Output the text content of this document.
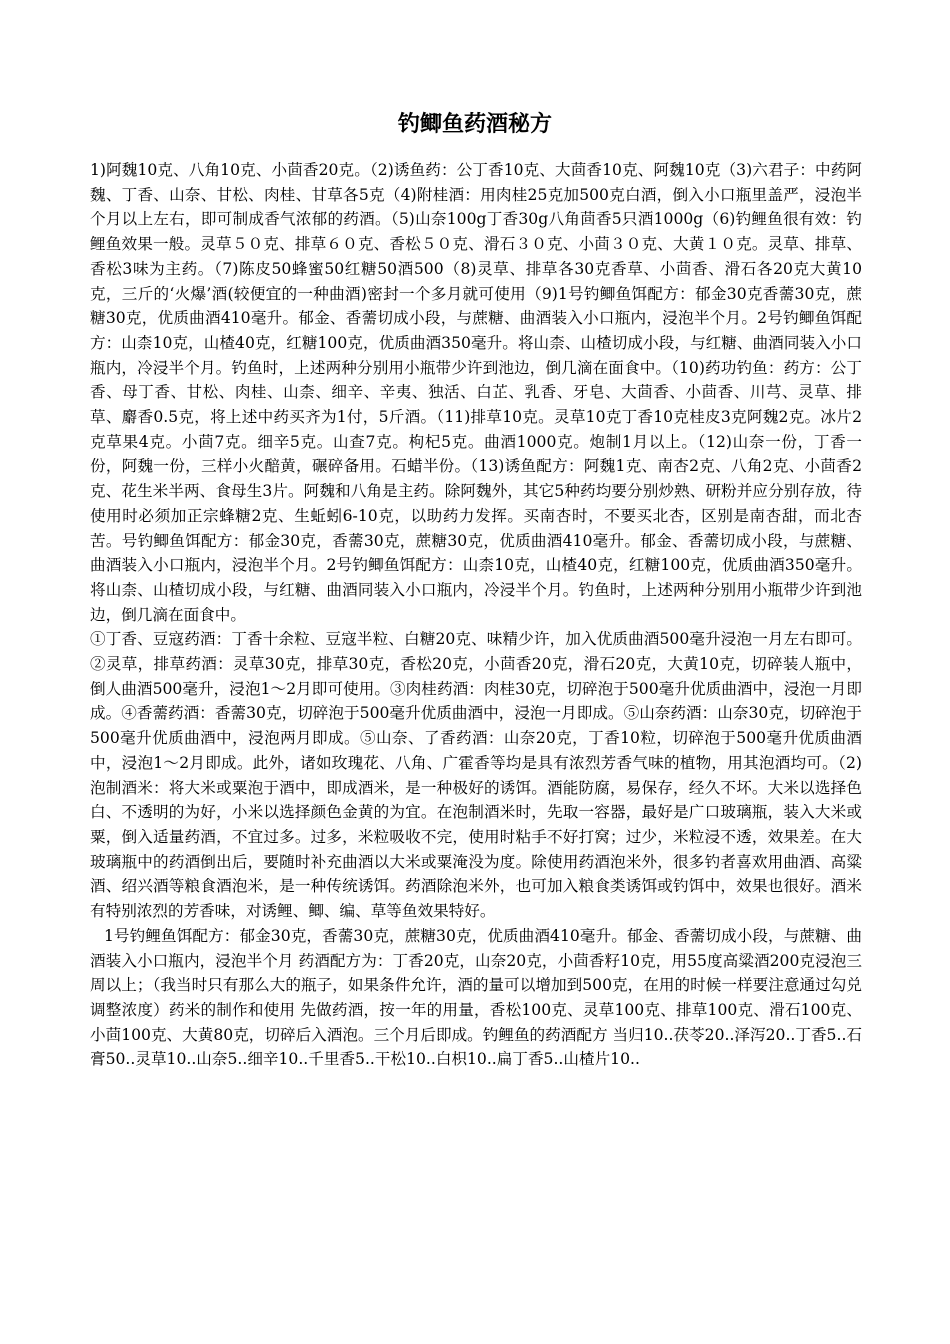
钓鲫鱼药酒秘方

1)阿魏10克、八角10克、小茴香20克。（2)诱鱼药：公丁香10克、大茴香10克、阿魏10克（3)六君子：中药阿魏、丁香、山奈、甘松、肉桂、甘草各5克（4)附桂酒：用肉桂25克加500克白酒，倒入小口瓶里盖严，浸泡半个月以上左右，即可制成香气浓郁的药酒。（5)山奈100g丁香30g八角茴香5只酒1000g（6)钓鲤鱼很有效：钓鲤鱼效果一般。灵草５０克、排草６０克、香松５０克、滑石３０克、小茴３０克、大黄１０克。灵草、排草、香松3味为主药。（7)陈皮50蜂蜜50红糖50酒500（8)灵草、排草各30克香草、小茴香、滑石各20克大黄10克，三斤的‘火爆’酒(较便宜的一种曲酒)密封一个多月就可使用（9)1号钓鲫鱼饵配方：郁金30克香薷30克，蔗糖30克，优质曲酒410毫升。郁金、香薷切成小段，与蔗糖、曲酒装入小口瓶内，浸泡半个月。2号钓鲫鱼饵配方：山柰10克，山楂40克，红糖100克，优质曲酒350毫升。将山柰、山楂切成小段，与红糖、曲酒同装入小口瓶内，冷浸半个月。钓鱼时，上述两种分别用小瓶带少许到池边，倒几滴在面食中。（10)药功钓鱼：药方：公丁香、母丁香、甘松、肉桂、山柰、细辛、辛夷、独活、白芷、乳香、牙皂、大茴香、小茴香、川芎、灵草、排草、麝香0.5克，将上述中药买齐为1付，5斤酒。（11)排草10克。灵草10克丁香10克桂皮3克阿魏2克。冰片2克草果4克。小茴7克。细辛5克。山查7克。枸杞5克。曲酒1000克。炮制1月以上。（12)山奈一份，丁香一份，阿魏一份，三样小火醅黄，碾碎备用。石蜡半份。（13)诱鱼配方：阿魏1克、南杏2克、八角2克、小茴香2克、花生米半两、食母生3片。阿魏和八角是主药。除阿魏外，其它5种药均要分别炒熟、研粉并应分别存放，待使用时必须加正宗蜂糖2克、生蚯蚓6-10克，以助药力发挥。买南杏时，不要买北杏，区别是南杏甜，而北杏苦。号钓鲫鱼饵配方：郁金30克，香薷30克，蔗糖30克，优质曲酒410毫升。郁金、香薷切成小段，与蔗糖、曲酒装入小口瓶内，浸泡半个月。2号钓鲫鱼饵配方：山柰10克，山楂40克，红糖100克，优质曲酒350毫升。将山柰、山楂切成小段，与红糖、曲酒同装入小口瓶内，冷浸半个月。钓鱼时，上述两种分别用小瓶带少许到池边，倒几滴在面食中。

①丁香、豆寇药酒：丁香十余粒、豆寇半粒、白糖20克、味精少许，加入优质曲酒500毫升浸泡一月左右即可。②灵草，排草药酒：灵草30克，排草30克，香松20克，小茴香20克，滑石20克，大黄10克，切碎装人瓶中，倒人曲酒500毫升，浸泡1～2月即可使用。③肉桂药酒：肉桂30克，切碎泡于500毫升优质曲酒中，浸泡一月即成。④香薷药酒：香薷30克，切碎泡于500毫升优质曲酒中，浸泡一月即成。⑤山奈药酒：山奈30克，切碎泡于500毫升优质曲酒中，浸泡两月即成。⑤山奈、了香药酒：山奈20克，丁香10粒，切碎泡于500毫升优质曲酒中，浸泡1～2月即成。此外，诸如玫瑰花、八角、广霍香等均是具有浓烈芳香气味的植物，用其泡酒均可。（2)泡制酒米：将大米或粟泡于酒中，即成酒米，是一种极好的诱饵。酒能防腐，易保存，经久不坏。大米以选择色白、不透明的为好，小米以选择颜色金黄的为宜。在泡制酒米时，先取一容器，最好是广口玻璃瓶，装入大米或粟，倒入适量药酒，不宜过多。过多，米粒吸收不完，使用时粘手不好打窝；过少，米粒浸不透，效果差。在大玻璃瓶中的药酒倒出后，要随时补充曲酒以大米或粟淹没为度。除使用药酒泡米外，很多钓者喜欢用曲酒、高粱酒、绍兴酒等粮食酒泡米，是一种传统诱饵。药酒除泡米外，也可加入粮食类诱饵或钓饵中，效果也很好。酒米有特别浓烈的芳香味，对诱鲤、鲫、编、草等鱼效果特好。

1号钓鲤鱼饵配方：郁金30克，香薷30克，蔗糖30克，优质曲酒410毫升。郁金、香薷切成小段，与蔗糖、曲酒装入小口瓶内，浸泡半个月 药酒配方为：丁香20克，山奈20克，小茴香籽10克，用55度高粱酒200克浸泡三周以上；（我当时只有那么大的瓶子，如果条件允许，酒的量可以增加到500克，在用的时候一样要注意通过勾兑调整浓度）药米的制作和使用 先做药酒，按一年的用量，香松100克、灵草100克、排草100克、滑石100克、小茴100克、大黄80克，切碎后入酒泡。三个月后即成。钓鲤鱼的药酒配方 当归10..茯苓20..泽泻20..丁香5..石膏50..灵草10..山奈5..细辛10..千里香5..干松10..白枳10..扁丁香5..山楂片10..
